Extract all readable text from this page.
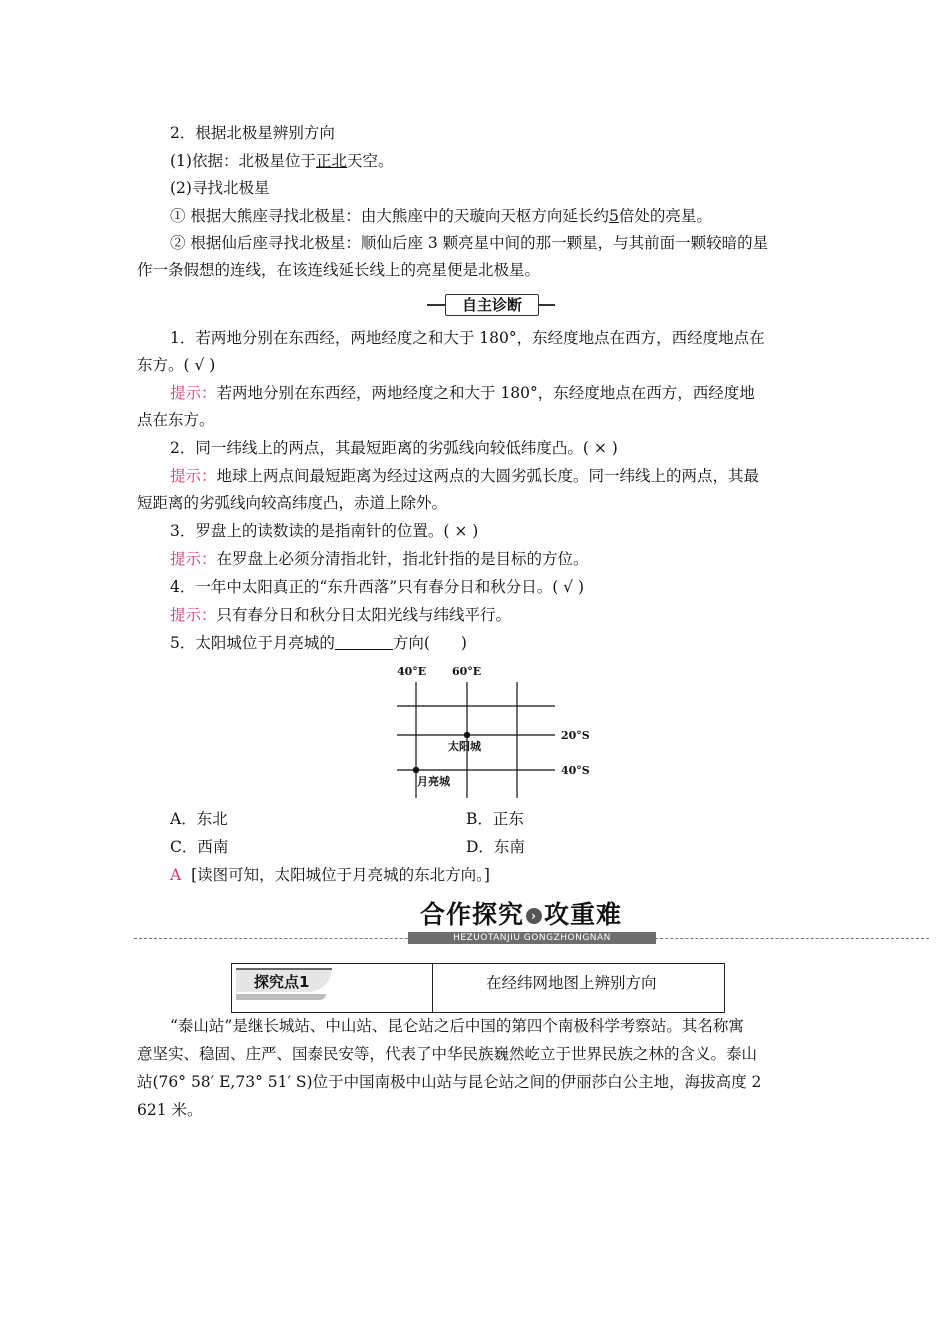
2．根据北极星辨别方向
(1)依据：北极星位于正北天空。
(2)寻找北极星
① 根据大熊座寻找北极星：由大熊座中的天璇向天枢方向延长约5倍处的亮星。
② 根据仙后座寻找北极星：顺仙后座 3 颗亮星中间的那一颗星，与其前面一颗较暗的星
作一条假想的连线，在该连线延长线上的亮星便是北极星。
自主诊断
1．若两地分别在东西经，两地经度之和大于 180°，东经度地点在西方，西经度地点在
东方。( √ )
提示：若两地分别在东西经，两地经度之和大于 180°，东经度地点在西方，西经度地
点在东方。
2．同一纬线上的两点，其最短距离的劣弧线向较低纬度凸。( × )
提示：地球上两点间最短距离为经过这两点的大圆劣弧长度。同一纬线上的两点，其最
短距离的劣弧线向较高纬度凸，赤道上除外。
3．罗盘上的读数读的是指南针的位置。( × )
提示：在罗盘上必须分清指北针，指北针指的是目标的方位。
4．一年中太阳真正的“东升西落”只有春分日和秋分日。( √ )
提示：只有春分日和秋分日太阳光线与纬线平行。
5．太阳城位于月亮城的	方向(　　)
40°E 60°E
20°S
40°S
太阳城
月亮城
A．东北	B．正东
C．西南	D．东南
A [读图可知，太阳城位于月亮城的东北方向。]
合作探究 › 攻重难
HEZUOTANJIU GONGZHONGNAN
探究点1	在经纬网地图上辨别方向
“泰山站”是继长城站、中山站、昆仑站之后中国的第四个南极科学考察站。其名称寓
意坚实、稳固、庄严、国泰民安等，代表了中华民族巍然屹立于世界民族之林的含义。泰山
站(76° 58′ E,73° 51′ S)位于中国南极中山站与昆仑站之间的伊丽莎白公主地，海拔高度 2
621 米。
